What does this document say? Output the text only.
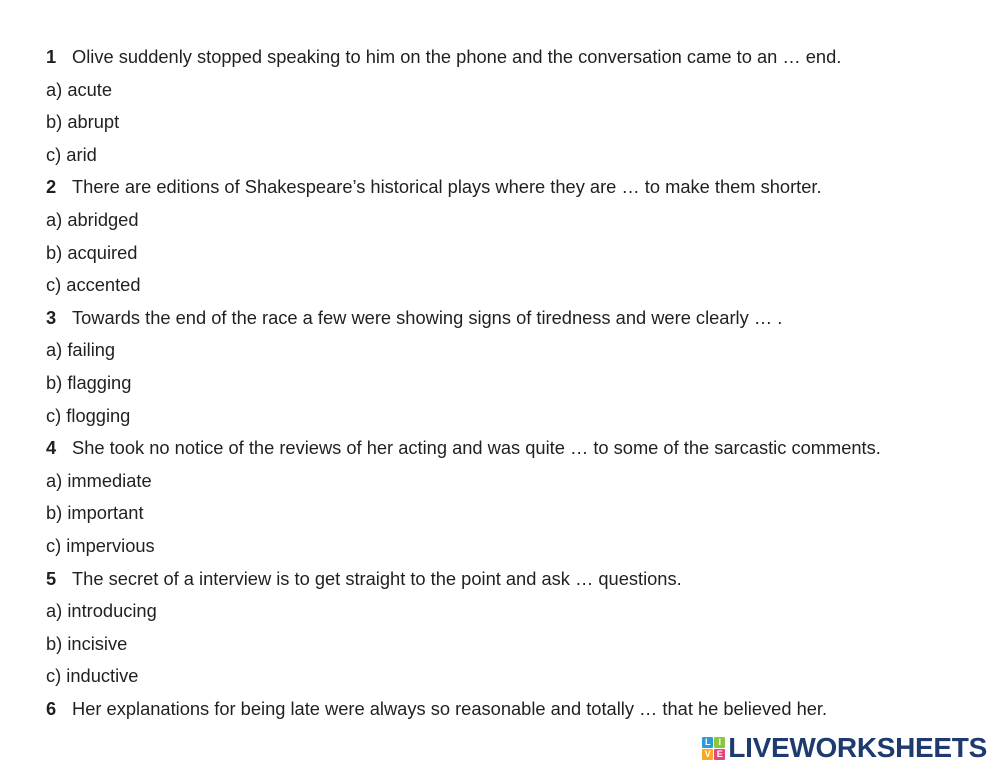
1 Olive suddenly stopped speaking to him on the phone and the conversation came to an … end.
a) acute
b) abrupt
c) arid
2 There are editions of Shakespeare’s historical plays where they are … to make them shorter.
a) abridged
b) acquired
c) accented
3 Towards the end of the race a few were showing signs of tiredness and were clearly … .
a) failing
b) flagging
c) flogging
4 She took no notice of the reviews of her acting and was quite … to some of the sarcastic comments.
a) immediate
b) important
c) impervious
5 The secret of a interview is to get straight to the point and ask … questions.
a) introducing
b) incisive
c) inductive
6 Her explanations for being late were always so reasonable and totally … that he believed her.
L I
V E LIVEWORKSHEETS
